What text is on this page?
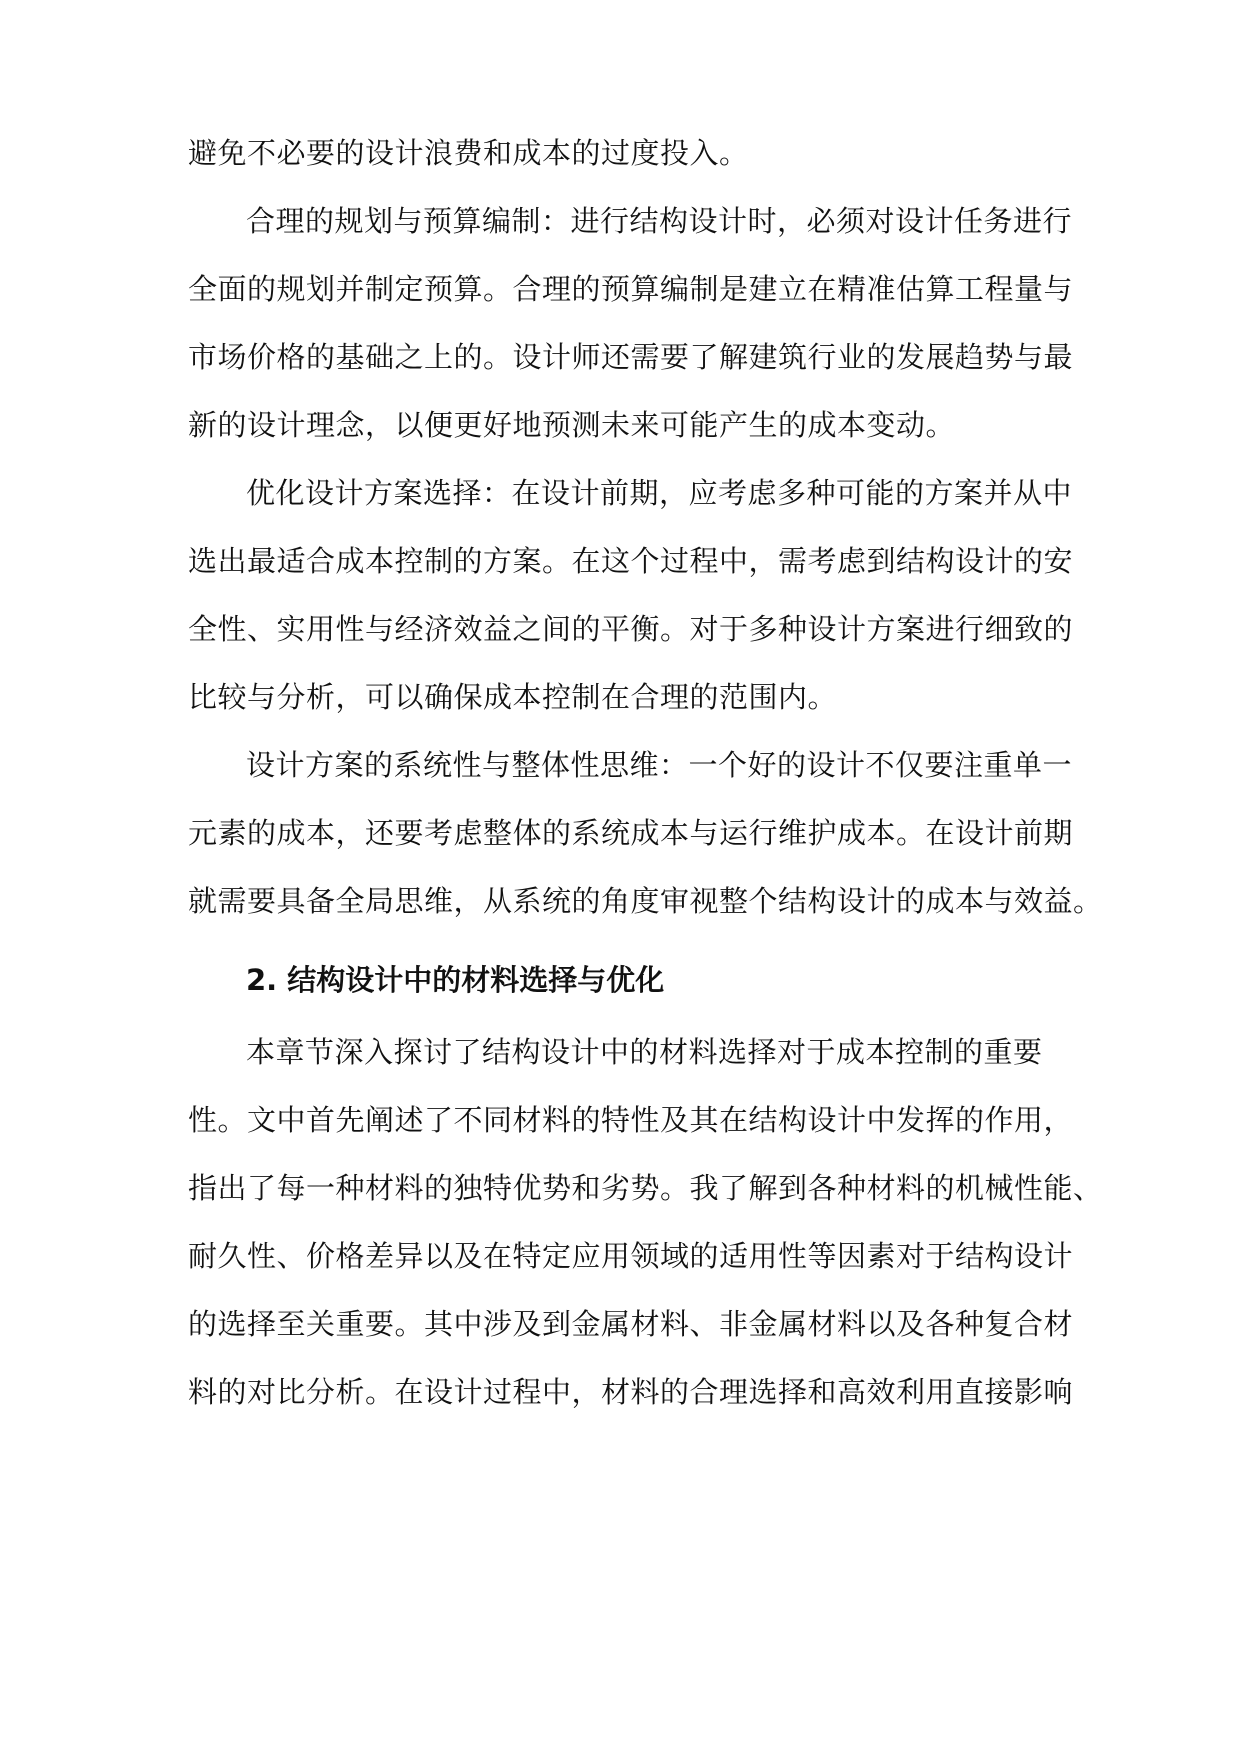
避免不必要的设计浪费和成本的过度投入。
合理的规划与预算编制：进行结构设计时，必须对设计任务进行
全面的规划并制定预算。合理的预算编制是建立在精准估算工程量与
市场价格的基础之上的。设计师还需要了解建筑行业的发展趋势与最
新的设计理念，以便更好地预测未来可能产生的成本变动。
优化设计方案选择：在设计前期，应考虑多种可能的方案并从中
选出最适合成本控制的方案。在这个过程中，需考虑到结构设计的安
全性、实用性与经济效益之间的平衡。对于多种设计方案进行细致的
比较与分析，可以确保成本控制在合理的范围内。
设计方案的系统性与整体性思维：一个好的设计不仅要注重单一
元素的成本，还要考虑整体的系统成本与运行维护成本。在设计前期
就需要具备全局思维，从系统的角度审视整个结构设计的成本与效益。
2. 结构设计中的材料选择与优化
本章节深入探讨了结构设计中的材料选择对于成本控制的重要
性。文中首先阐述了不同材料的特性及其在结构设计中发挥的作用，
指出了每一种材料的独特优势和劣势。我了解到各种材料的机械性能、
耐久性、价格差异以及在特定应用领域的适用性等因素对于结构设计
的选择至关重要。其中涉及到金属材料、非金属材料以及各种复合材
料的对比分析。在设计过程中，材料的合理选择和高效利用直接影响
